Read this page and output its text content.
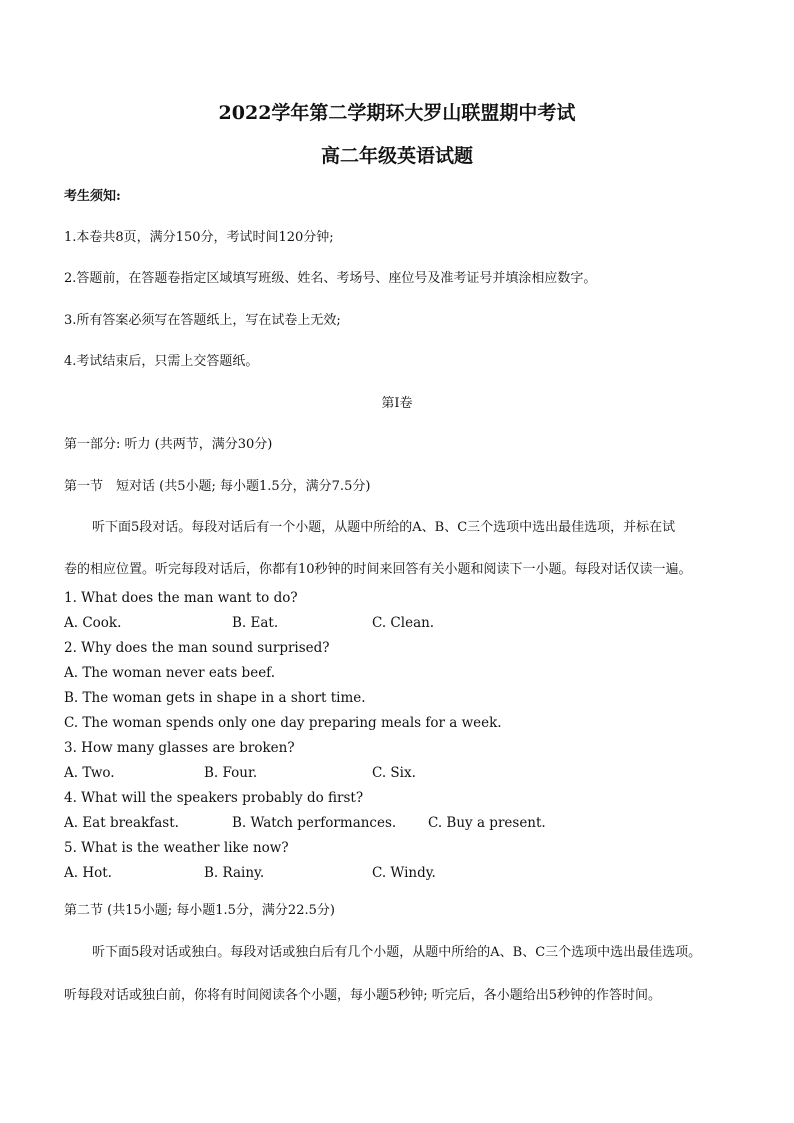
2022学年第二学期环大罗山联盟期中考试
高二年级英语试题
考生须知:
1.本卷共8页，满分150分，考试时间120分钟;
2.答题前，在答题卷指定区域填写班级、姓名、考场号、座位号及准考证号并填涂相应数字。
3.所有答案必须写在答题纸上，写在试卷上无效;
4.考试结束后，只需上交答题纸。
第I卷
第一部分: 听力 (共两节，满分30分)
第一节　短对话 (共5小题; 每小题1.5分，满分7.5分)
听下面5段对话。每段对话后有一个小题，从题中所给的A、B、C三个选项中选出最佳选项，并标在试
卷的相应位置。听完每段对话后，你都有10秒钟的时间来回答有关小题和阅读下一小题。每段对话仅读一遍。
1. What does the man want to do?
A. Cook.	B. Eat.	C. Clean.
2. Why does the man sound surprised?
A. The woman never eats beef.
B. The woman gets in shape in a short time.
C. The woman spends only one day preparing meals for a week.
3. How many glasses are broken?
A. Two.	B. Four.	C. Six.
4. What will the speakers probably do first?
A. Eat breakfast.	B. Watch performances. C. Buy a present.
5. What is the weather like now?
A. Hot.	B. Rainy.	C. Windy.
第二节 (共15小题; 每小题1.5分，满分22.5分)
听下面5段对话或独白。每段对话或独白后有几个小题，从题中所给的A、B、C三个选项中选出最佳选项。
听每段对话或独白前，你将有时间阅读各个小题，每小题5秒钟; 听完后，各小题给出5秒钟的作答时间。
